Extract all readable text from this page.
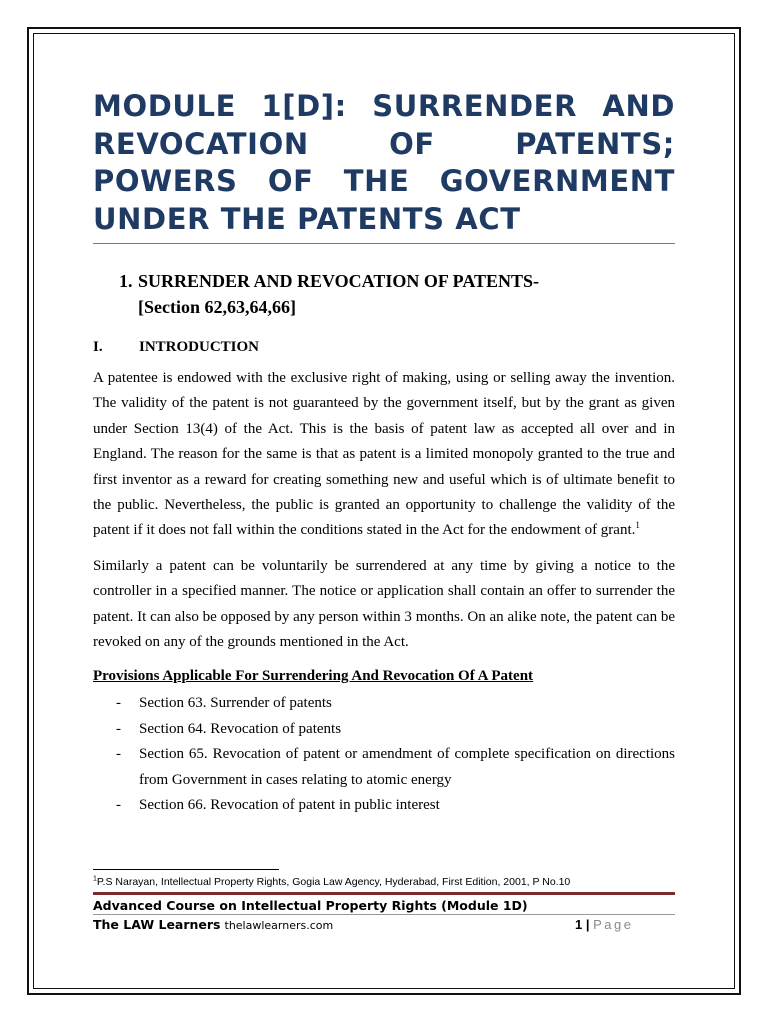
MODULE 1[D]: SURRENDER AND REVOCATION OF PATENTS; POWERS OF THE GOVERNMENT UNDER THE PATENTS ACT
1. SURRENDER AND REVOCATION OF PATENTS-
[Section 62,63,64,66]
I.	INTRODUCTION

A patentee is endowed with the exclusive right of making, using or selling away the invention. The validity of the patent is not guaranteed by the government itself, but by the grant as given under Section 13(4) of the Act. This is the basis of patent law as accepted all over and in England. The reason for the same is that as patent is a limited monopoly granted to the true and first inventor as a reward for creating something new and useful which is of ultimate benefit to the public. Nevertheless, the public is granted an opportunity to challenge the validity of the patent if it does not fall within the conditions stated in the Act for the endowment of grant.$^1$

Similarly a patent can be voluntarily be surrendered at any time by giving a notice to the controller in a specified manner. The notice or application shall contain an offer to surrender the patent. It can also be opposed by any person within 3 months. On an alike note, the patent can be revoked on any of the grounds mentioned in the Act.

Provisions Applicable For Surrendering And Revocation Of A Patent
-	Section 63. Surrender of patents
-	Section 64. Revocation of patents
-	Section 65. Revocation of patent or amendment of complete specification on directions from Government in cases relating to atomic energy
-	Section 66. Revocation of patent in public interest
$^1$P.S Narayan, Intellectual Property Rights, Gogia Law Agency, Hyderabad, First Edition, 2001, P No.10
Advanced Course on Intellectual Property Rights (Module 1D)
The LAW Learners thelawlearners.com	1 | Page
